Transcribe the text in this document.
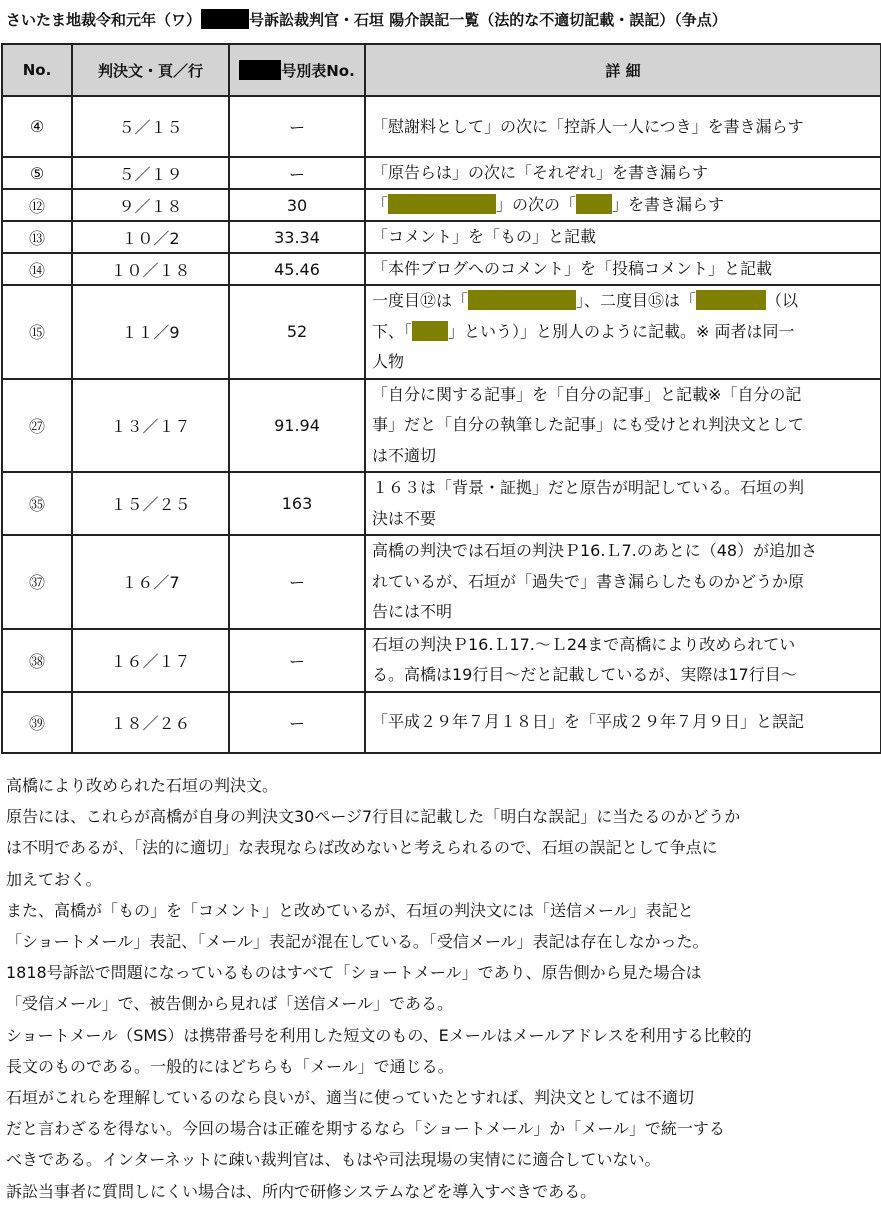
さいたま地裁令和元年（ワ）	号訴訟裁判官・石垣 陽介誤記一覧（法的な不適切記載・誤記）（争点）
No.	判決文・頁／行	号別表No.	詳 細
④	５／１５	ー	「慰謝料として」の次に「控訴人一人につき」を書き漏らす
⑤	５／１９	ー	「原告らは」の次に「それぞれ」を書き漏らす
⑫	９／１８	30	「 」の次の「 」を書き漏らす
⑬	１０／2	33.34	「コメント」を「もの」と記載
⑭	１０／１８	45.46	「本件ブログへのコメント」を「投稿コメント」と記載
⑮	１１／9	52	一度目⑫は「 」、二度目⑮は「 （以
下、「 」という）」と別人のように記載。※ 両者は同一
人物

㉗	１３／１７	91.94	「自分に関する記事」を「自分の記事」と記載※「自分の記
事」だと「自分の執筆した記事」にも受けとれ判決文として
は不適切

㉟	１５／２５	163	１６３は「背景・証拠」だと原告が明記している。石垣の判
決は不要

㊲	１６／7	ー	高橋の判決では石垣の判決Ｐ16.Ｌ7.のあとに（48）が追加さ
れているが、石垣が「過失で」書き漏らしたものかどうか原
告には不明

㊳	１６／１７	ー	石垣の判決Ｐ16.Ｌ17.～Ｌ24まで高橋により改められてい
る。高橋は19行目～だと記載しているが、実際は17行目～

㊴	１８／２６	ー	「平成２９年７月１８日」を「平成２９年７月９日」と誤記

高橋により改められた石垣の判決文。

原告には、これらが高橋が自身の判決文30ページ7行目に記載した「明白な誤記」に当たるのかどうか

は不明であるが、「法的に適切」な表現ならば改めないと考えられるので、石垣の誤記として争点に

加えておく。

また、高橋が「もの」を「コメント」と改めているが、石垣の判決文には「送信メール」表記と

「ショートメール」表記、「メール」表記が混在している。「受信メール」表記は存在しなかった。

1818号訴訟で問題になっているものはすべて「ショートメール」であり、原告側から見た場合は

「受信メール」で、被告側から見れば「送信メール」である。

ショートメール（SMS）は携帯番号を利用した短文のもの、Eメールはメールアドレスを利用する比較的

長文のものである。一般的にはどちらも「メール」で通じる。

石垣がこれらを理解しているのなら良いが、適当に使っていたとすれば、判決文としては不適切

だと言わざるを得ない。今回の場合は正確を期するなら「ショートメール」か「メール」で統一する

べきである。インターネットに疎い裁判官は、もはや司法現場の実情にに適合していない。

訴訟当事者に質問しにくい場合は、所内で研修システムなどを導入すべきである。
